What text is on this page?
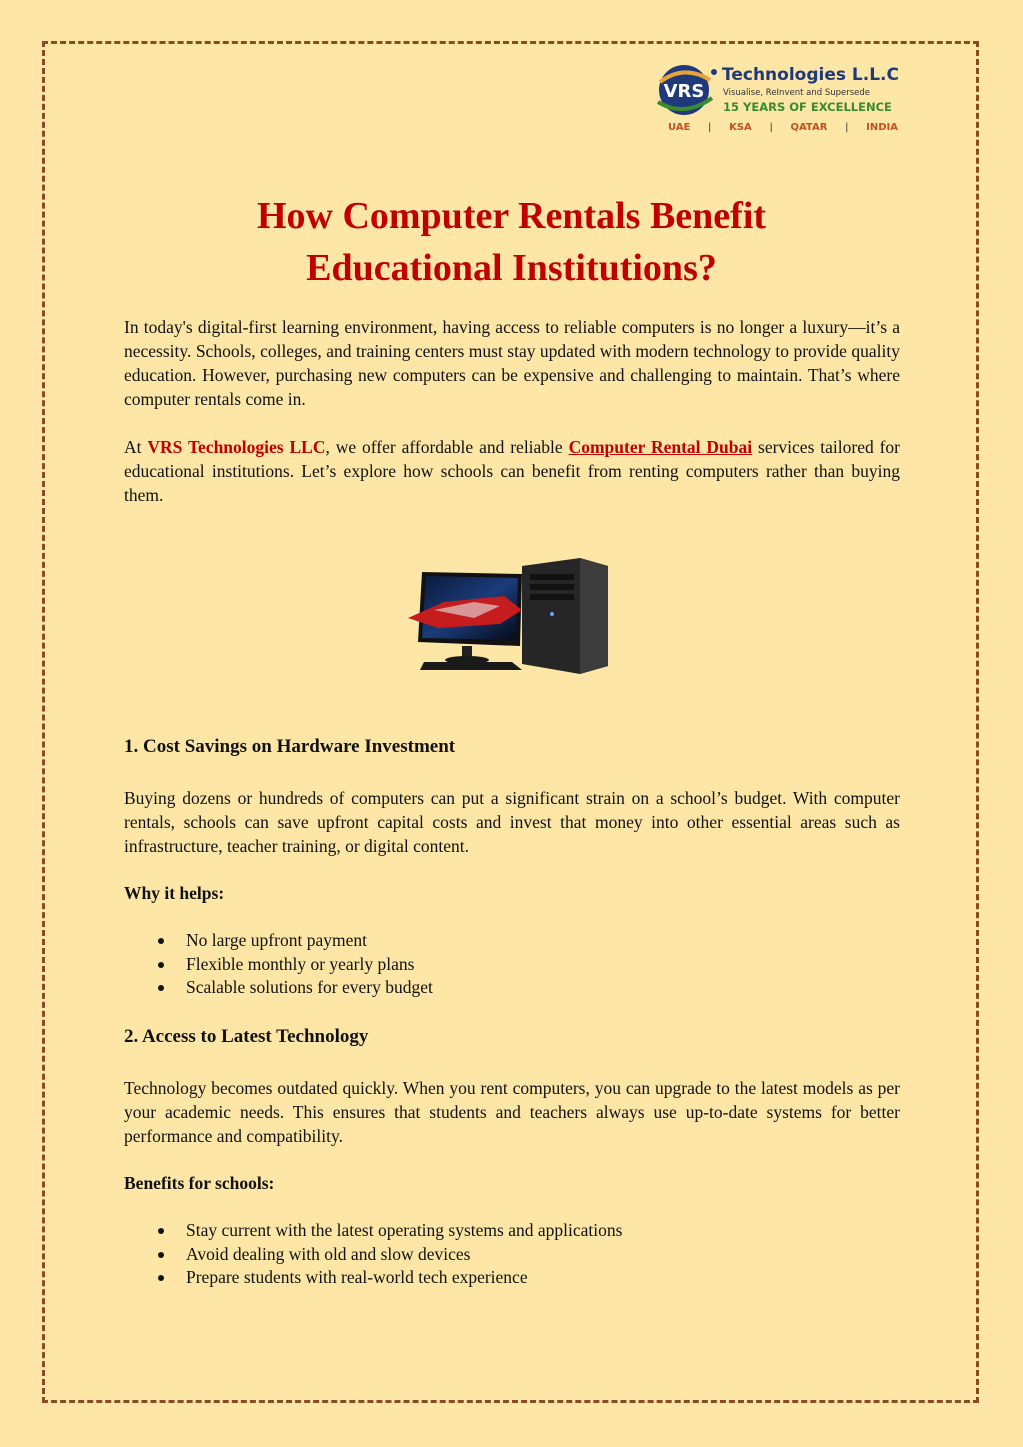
VRS
Technologies L.L.C
Visualise, ReInvent and Supersede
15 YEARS OF EXCELLENCE
UAE | KSA | QATAR | INDIA
How Computer Rentals Benefit
Educational Institutions?

In today's digital-first learning environment, having access to reliable computers is no longer a luxury—it’s a necessity. Schools, colleges, and training centers must stay updated with modern technology to provide quality education. However, purchasing new computers can be expensive and challenging to maintain. That’s where computer rentals come in.

At VRS Technologies LLC, we offer affordable and reliable Computer Rental Dubai services tailored for educational institutions. Let’s explore how schools can benefit from renting computers rather than buying them.

1. Cost Savings on Hardware Investment

Buying dozens or hundreds of computers can put a significant strain on a school’s budget. With computer rentals, schools can save upfront capital costs and invest that money into other essential areas such as infrastructure, teacher training, or digital content.

Why it helps:

No large upfront payment
Flexible monthly or yearly plans
Scalable solutions for every budget
2. Access to Latest Technology

Technology becomes outdated quickly. When you rent computers, you can upgrade to the latest models as per your academic needs. This ensures that students and teachers always use up-to-date systems for better performance and compatibility.

Benefits for schools:

Stay current with the latest operating systems and applications
Avoid dealing with old and slow devices
Prepare students with real-world tech experience
